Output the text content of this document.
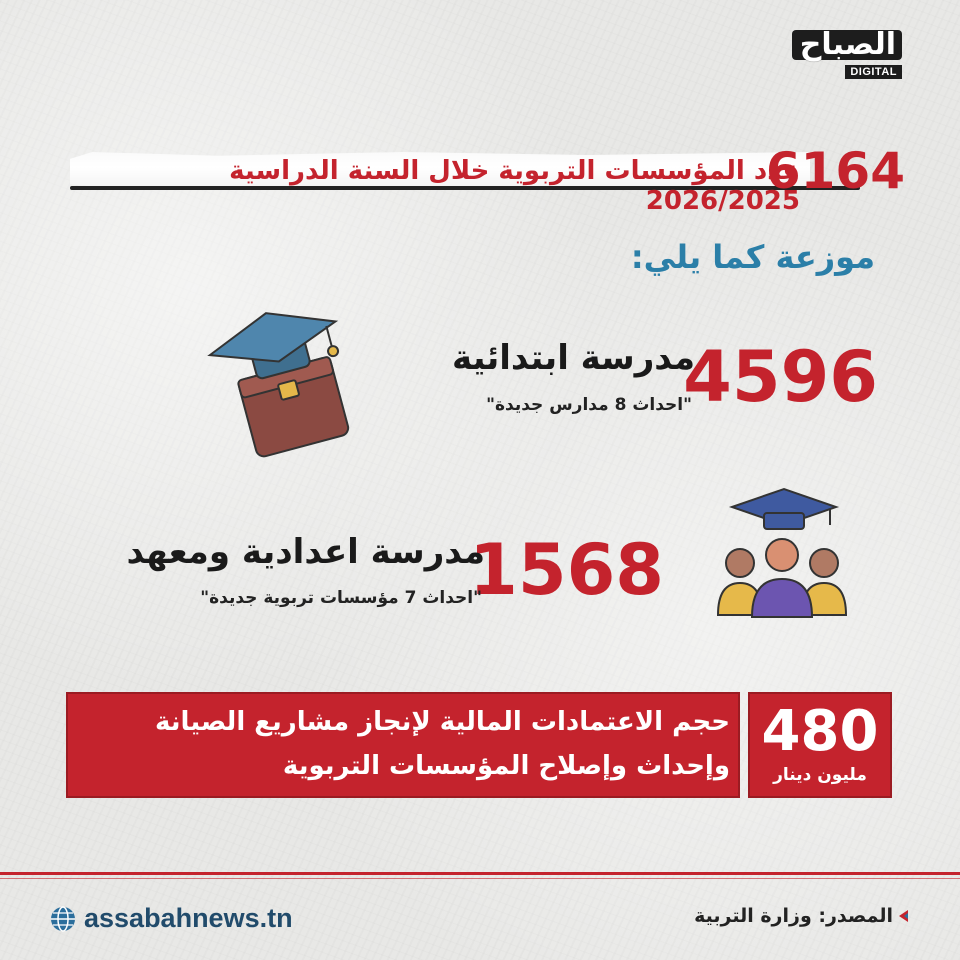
الصباح
DIGITAL
عدد المؤسسات التربوية خلال السنة الدراسية 2026/2025
6164
موزعة كما يلي:
4596
مدرسة ابتدائية
"احداث 8 مدارس جديدة"
1568
مدرسة اعدادية ومعهد
"احداث 7 مؤسسات تربوية جديدة"
حجم الاعتمادات المالية لإنجاز مشاريع الصيانة
وإحداث وإصلاح المؤسسات التربوية
480
مليون دينار
assabahnews.tn	المصدر: وزارة التربية
